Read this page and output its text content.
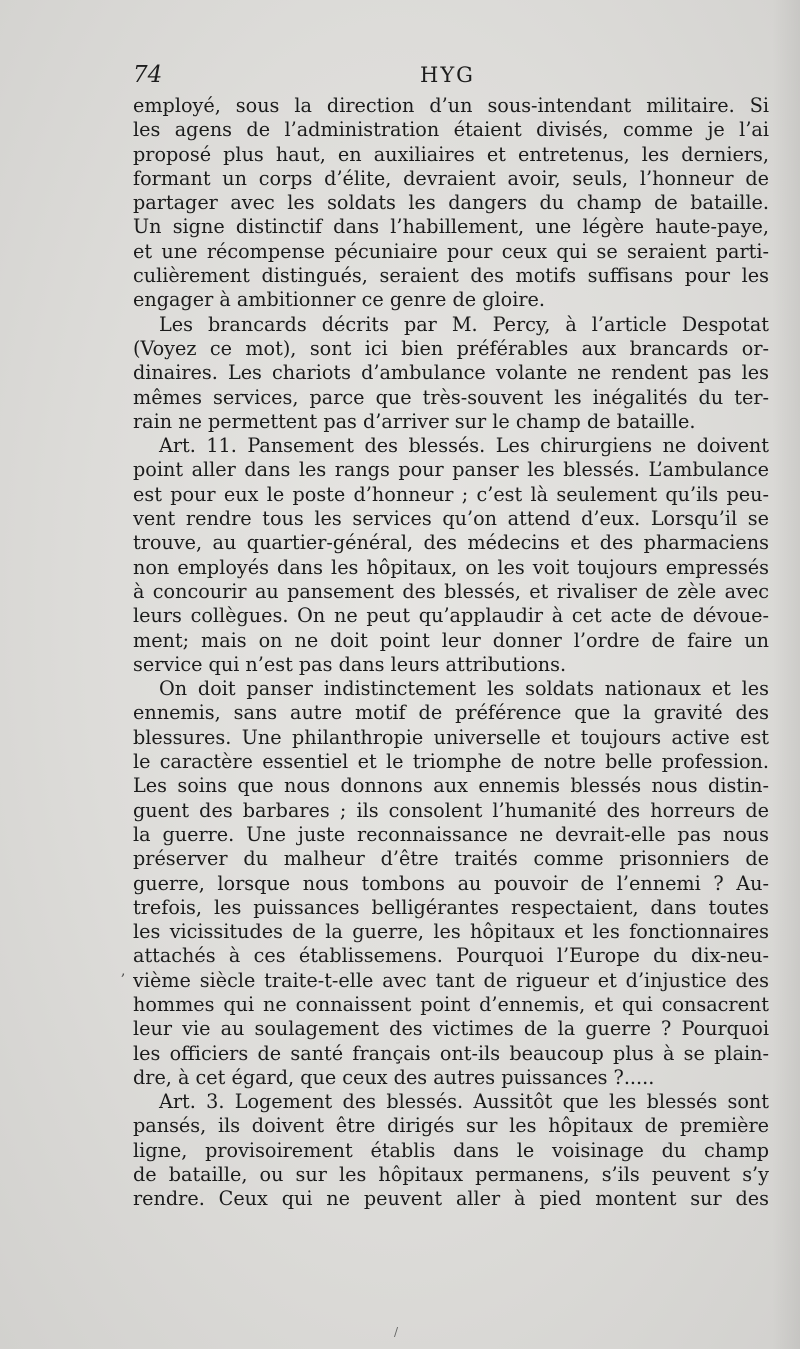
74	HYG
employé, sous la direction d’un sous-intendant militaire. Si
les agens de l’administration étaient divisés, comme je l’ai
proposé plus haut, en auxiliaires et entretenus, les derniers,
formant un corps d’élite, devraient avoir, seuls, l’honneur de
partager avec les soldats les dangers du champ de bataille.
Un signe distinctif dans l’habillement, une légère haute-paye,
et une récompense pécuniaire pour ceux qui se seraient parti-
culièrement distingués, seraient des motifs suffisans pour les
engager à ambitionner ce genre de gloire.
Les brancards décrits par M. Percy, à l’article Despotat
(Voyez ce mot), sont ici bien préférables aux brancards or-
dinaires. Les chariots d’ambulance volante ne rendent pas les
mêmes services, parce que très-souvent les inégalités du ter-
rain ne permettent pas d’arriver sur le champ de bataille.
Art. 11. Pansement des blessés. Les chirurgiens ne doivent
point aller dans les rangs pour panser les blessés. L’ambulance
est pour eux le poste d’honneur ; c’est là seulement qu’ils peu-
vent rendre tous les services qu’on attend d’eux. Lorsqu’il se
trouve, au quartier-général, des médecins et des pharmaciens
non employés dans les hôpitaux, on les voit toujours empressés
à concourir au pansement des blessés, et rivaliser de zèle avec
leurs collègues. On ne peut qu’applaudir à cet acte de dévoue-
ment; mais on ne doit point leur donner l’ordre de faire un
service qui n’est pas dans leurs attributions.
On doit panser indistinctement les soldats nationaux et les
ennemis, sans autre motif de préférence que la gravité des
blessures. Une philanthropie universelle et toujours active est
le caractère essentiel et le triomphe de notre belle profession.
Les soins que nous donnons aux ennemis blessés nous distin-
guent des barbares ; ils consolent l’humanité des horreurs de
la guerre. Une juste reconnaissance ne devrait-elle pas nous
préserver du malheur d’être traités comme prisonniers de
guerre, lorsque nous tombons au pouvoir de l’ennemi ? Au-
trefois, les puissances belligérantes respectaient, dans toutes
les vicissitudes de la guerre, les hôpitaux et les fonctionnaires
attachés à ces établissemens. Pourquoi l’Europe du dix-neu-
vième siècle traite-t-elle avec tant de rigueur et d’injustice des
hommes qui ne connaissent point d’ennemis, et qui consacrent
leur vie au soulagement des victimes de la guerre ? Pourquoi
les officiers de santé français ont-ils beaucoup plus à se plain-
dre, à cet égard, que ceux des autres puissances ?.....
Art. 3. Logement des blessés. Aussitôt que les blessés sont
pansés, ils doivent être dirigés sur les hôpitaux de première
ligne, provisoirement établis dans le voisinage du champ
de bataille, ou sur les hôpitaux permanens, s’ils peuvent s’y
rendre. Ceux qui ne peuvent aller à pied montent sur des
,
/
